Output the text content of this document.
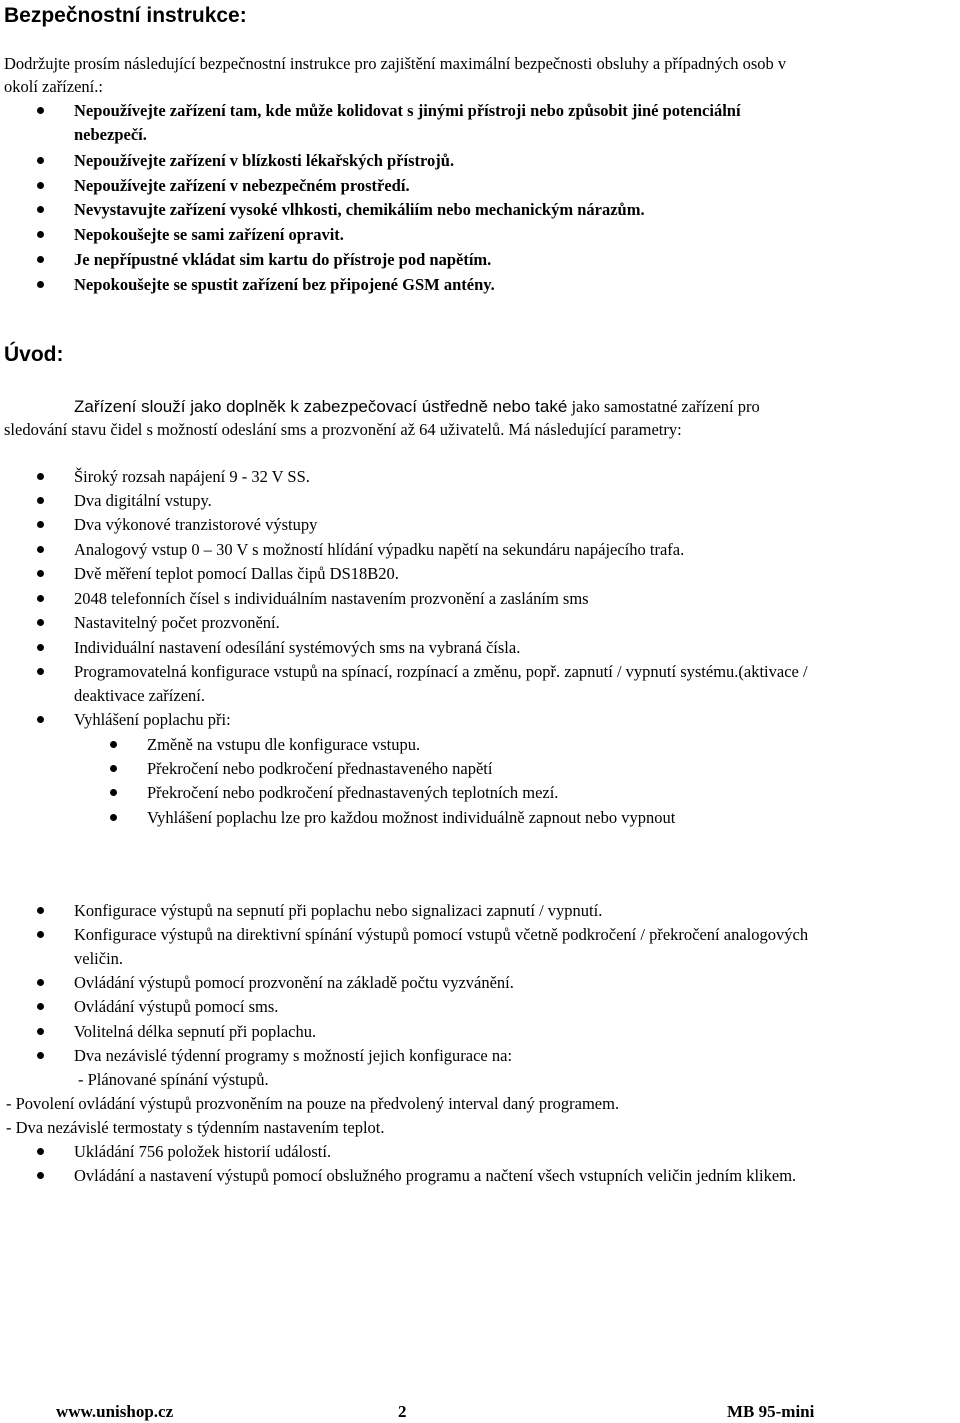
Bezpečnostní instrukce:
Dodržujte prosím následující bezpečnostní instrukce pro zajištění maximální bezpečnosti obsluhy a případných osob v
okolí zařízení.:
Nepoužívejte zařízení tam, kde může kolidovat s jinými přístroji nebo způsobit jiné potenciální
nebezpečí.
Nepoužívejte zařízení v blízkosti lékařských přístrojů.
Nepoužívejte zařízení v nebezpečném prostředí.
Nevystavujte zařízení vysoké vlhkosti, chemikáliím nebo mechanickým nárazům.
Nepokoušejte se sami zařízení opravit.
Je nepřípustné vkládat sim kartu do přístroje pod napětím.
Nepokoušejte se spustit zařízení bez připojené GSM antény.
Úvod:
Zařízení slouží jako doplněk k zabezpečovací ústředně nebo také jako samostatné zařízení pro
sledování stavu čidel s možností odeslání sms a prozvonění až 64 uživatelů. Má následující parametry:
Široký rozsah napájení 9 - 32 V SS.
Dva digitální vstupy.
Dva výkonové tranzistorové výstupy
Analogový vstup 0 – 30 V s možností hlídání výpadku napětí na sekundáru napájecího trafa.
Dvě měření teplot pomocí Dallas čipů DS18B20.
2048 telefonních čísel s individuálním nastavením prozvonění a zasláním sms
Nastavitelný počet prozvonění.
Individuální nastavení odesílání systémových sms na vybraná čísla.
Programovatelná konfigurace vstupů na spínací, rozpínací a změnu, popř. zapnutí / vypnutí systému.(aktivace /
deaktivace zařízení.
Vyhlášení poplachu při:
Změně na vstupu dle konfigurace vstupu.
Překročení nebo podkročení přednastaveného napětí
Překročení nebo podkročení přednastavených teplotních mezí.
Vyhlášení poplachu lze pro každou možnost individuálně zapnout nebo vypnout
Konfigurace výstupů na sepnutí při poplachu nebo signalizaci zapnutí / vypnutí.
Konfigurace výstupů na direktivní spínání výstupů pomocí vstupů včetně podkročení / překročení analogových
veličin.
Ovládání výstupů pomocí prozvonění na základě počtu vyzvánění.
Ovládání výstupů pomocí sms.
Volitelná délka sepnutí při poplachu.
Dva nezávislé týdenní programy s možností jejich konfigurace na:
- Plánované spínání výstupů.
- Povolení ovládání výstupů prozvoněním na pouze na předvolený interval daný programem.
- Dva nezávislé termostaty s týdenním nastavením teplot.
Ukládání 756 položek historií událostí.
Ovládání a nastavení výstupů pomocí obslužného programu a načtení všech vstupních veličin jedním klikem.
www.unishop.cz	2	MB 95-mini
